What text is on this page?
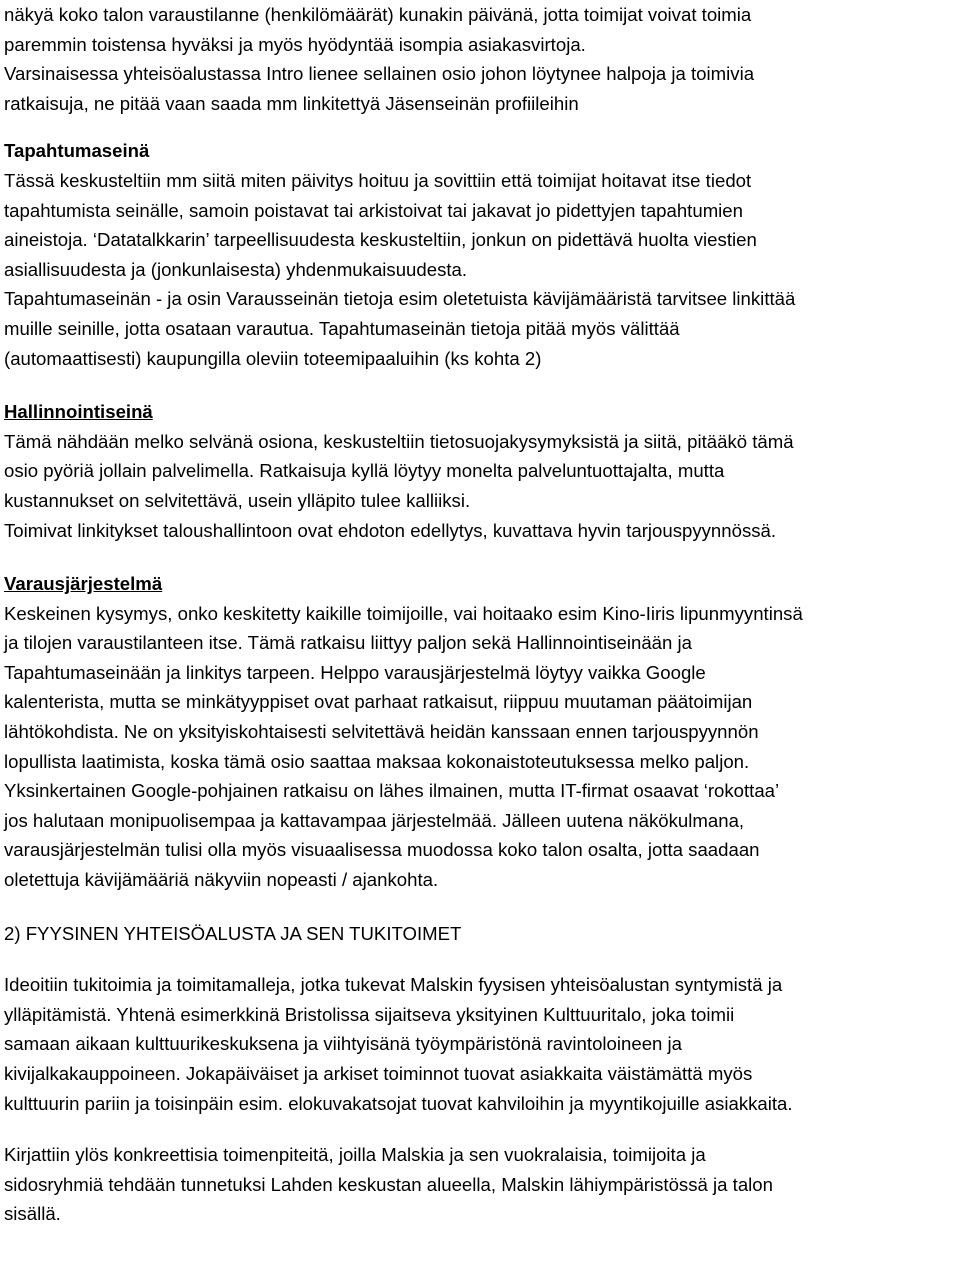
näkyä koko talon varaustilanne (henkilömäärät) kunakin päivänä, jotta toimijat voivat toimia
paremmin toistensa hyväksi ja myös hyödyntää isompia asiakasvirtoja.
Varsinaisessa yhteisöalustassa Intro lienee sellainen osio johon löytynee halpoja ja toimivia
ratkaisuja, ne pitää vaan saada mm linkitettyä Jäsenseinän profiileihin
Tapahtumaseinä
Tässä keskusteltiin mm siitä miten päivitys hoituu ja sovittiin että toimijat hoitavat itse tiedot
tapahtumista seinälle, samoin poistavat tai arkistoivat tai jakavat jo pidettyjen tapahtumien
aineistoja. ‘Datatalkkarin’ tarpeellisuudesta keskusteltiin, jonkun on pidettävä huolta viestien
asiallisuudesta ja (jonkunlaisesta) yhdenmukaisuudesta.
Tapahtumaseinän - ja osin Varausseinän tietoja esim oletetuista kävijämääristä tarvitsee linkittää
muille seinille, jotta osataan varautua. Tapahtumaseinän tietoja pitää myös välittää
(automaattisesti) kaupungilla oleviin toteemipaaluihin (ks kohta 2)
Hallinnointiseinä
Tämä nähdään melko selvänä osiona, keskusteltiin tietosuojakysymyksistä ja siitä, pitääkö tämä
osio pyöriä jollain palvelimella. Ratkaisuja kyllä löytyy monelta palveluntuottajalta, mutta
kustannukset on selvitettävä, usein ylläpito tulee kalliiksi.
Toimivat linkitykset taloushallintoon ovat ehdoton edellytys, kuvattava hyvin tarjouspyynnössä.
Varausjärjestelmä
Keskeinen kysymys, onko keskitetty kaikille toimijoille, vai hoitaako esim Kino-Iiris lipunmyyntinsä
ja tilojen varaustilanteen itse. Tämä ratkaisu liittyy paljon sekä Hallinnointiseinään ja
Tapahtumaseinään ja linkitys tarpeen. Helppo varausjärjestelmä löytyy vaikka Google
kalenterista, mutta se minkätyyppiset ovat parhaat ratkaisut, riippuu muutaman päätoimijan
lähtökohdista. Ne on yksityiskohtaisesti selvitettävä heidän kanssaan ennen tarjouspyynnön
lopullista laatimista, koska tämä osio saattaa maksaa kokonaistoteutuksessa melko paljon.
Yksinkertainen Google-pohjainen ratkaisu on lähes ilmainen, mutta IT-firmat osaavat ‘rokottaa’
jos halutaan monipuolisempaa ja kattavampaa järjestelmää. Jälleen uutena näkökulmana,
varausjärjestelmän tulisi olla myös visuaalisessa muodossa koko talon osalta, jotta saadaan
oletettuja kävijämääriä näkyviin nopeasti / ajankohta.
2) FYYSINEN YHTEISÖALUSTA JA SEN TUKITOIMET
Ideoitiin tukitoimia ja toimitamalleja, jotka tukevat Malskin fyysisen yhteisöalustan syntymistä ja
ylläpitämistä. Yhtenä esimerkkinä Bristolissa sijaitseva yksityinen Kulttuuritalo, joka toimii
samaan aikaan kulttuurikeskuksena ja viihtyisänä työympäristönä ravintoloineen ja
kivijalkakauppoineen. Jokapäiväiset ja arkiset toiminnot tuovat asiakkaita väistämättä myös
kulttuurin pariin ja toisinpäin esim. elokuvakatsojat tuovat kahviloihin ja myyntikojuille asiakkaita.
Kirjattiin ylös konkreettisia toimenpiteitä, joilla Malskia ja sen vuokralaisia, toimijoita ja
sidosryhmiä tehdään tunnetuksi Lahden keskustan alueella, Malskin lähiympäristössä ja talon
sisällä.
